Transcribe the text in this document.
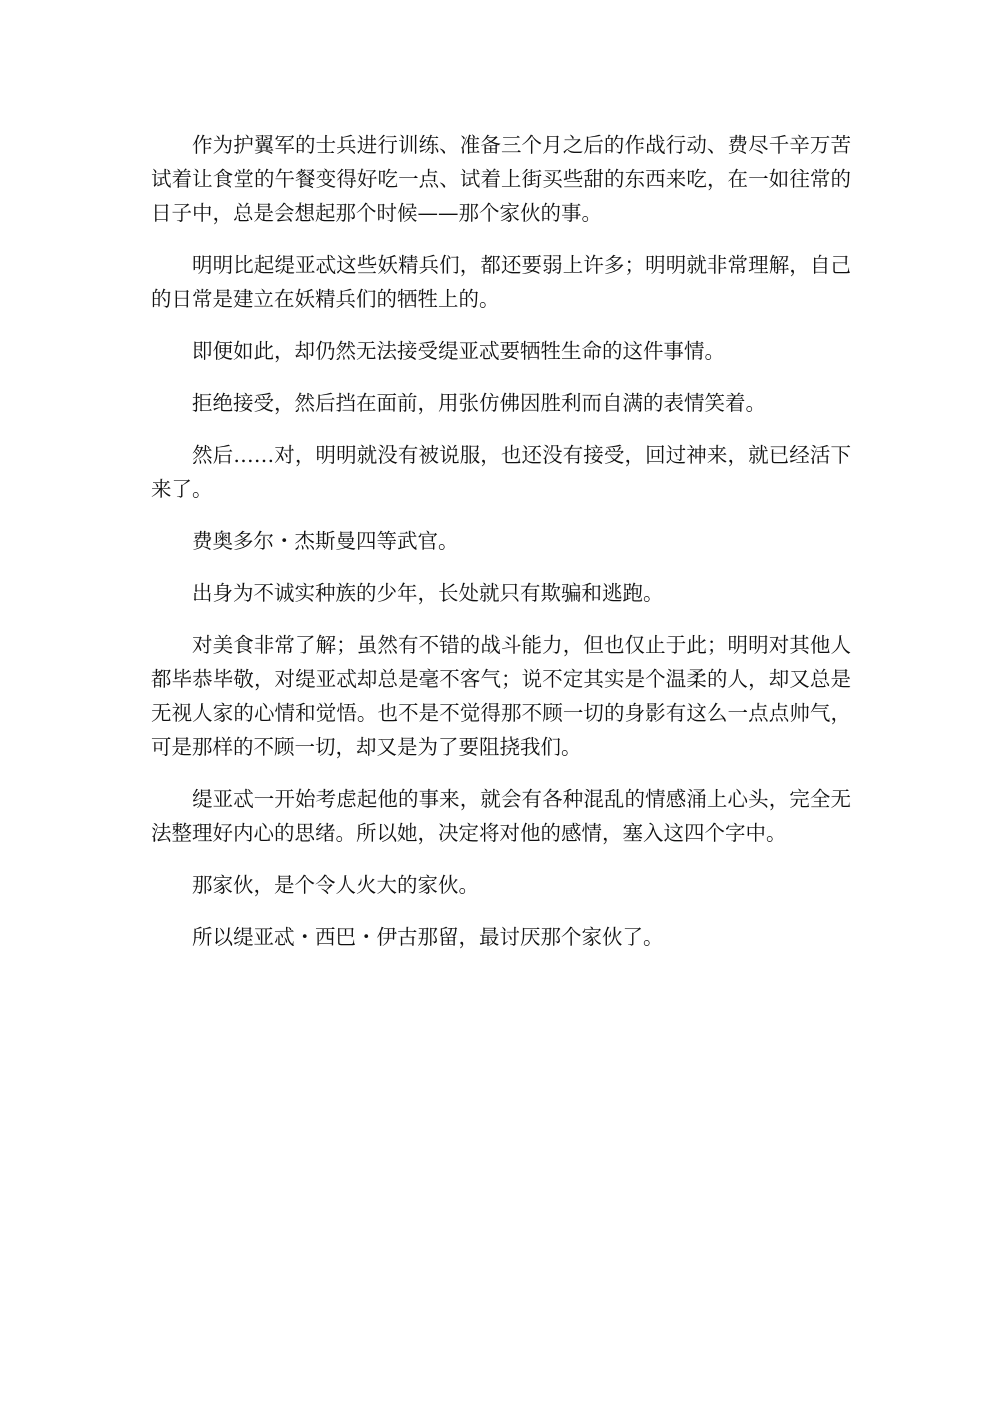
作为护翼军的士兵进行训练、准备三个月之后的作战行动、费尽千辛万苦试着让食堂的午餐变得好吃一点、试着上街买些甜的东西来吃，在一如往常的日子中，总是会想起那个时候——那个家伙的事。

明明比起缇亚忒这些妖精兵们，都还要弱上许多；明明就非常理解，自己的日常是建立在妖精兵们的牺牲上的。

即便如此，却仍然无法接受缇亚忒要牺牲生命的这件事情。

拒绝接受，然后挡在面前，用张仿佛因胜利而自满的表情笑着。

然后……对，明明就没有被说服，也还没有接受，回过神来，就已经活下来了。

费奥多尔・杰斯曼四等武官。

出身为不诚实种族的少年，长处就只有欺骗和逃跑。

对美食非常了解；虽然有不错的战斗能力，但也仅止于此；明明对其他人都毕恭毕敬，对缇亚忒却总是毫不客气；说不定其实是个温柔的人，却又总是无视人家的心情和觉悟。也不是不觉得那不顾一切的身影有这么一点点帅气，可是那样的不顾一切，却又是为了要阻挠我们。

缇亚忒一开始考虑起他的事来，就会有各种混乱的情感涌上心头，完全无法整理好内心的思绪。所以她，决定将对他的感情，塞入这四个字中。

那家伙，是个令人火大的家伙。

所以缇亚忒・西巴・伊古那留，最讨厌那个家伙了。
